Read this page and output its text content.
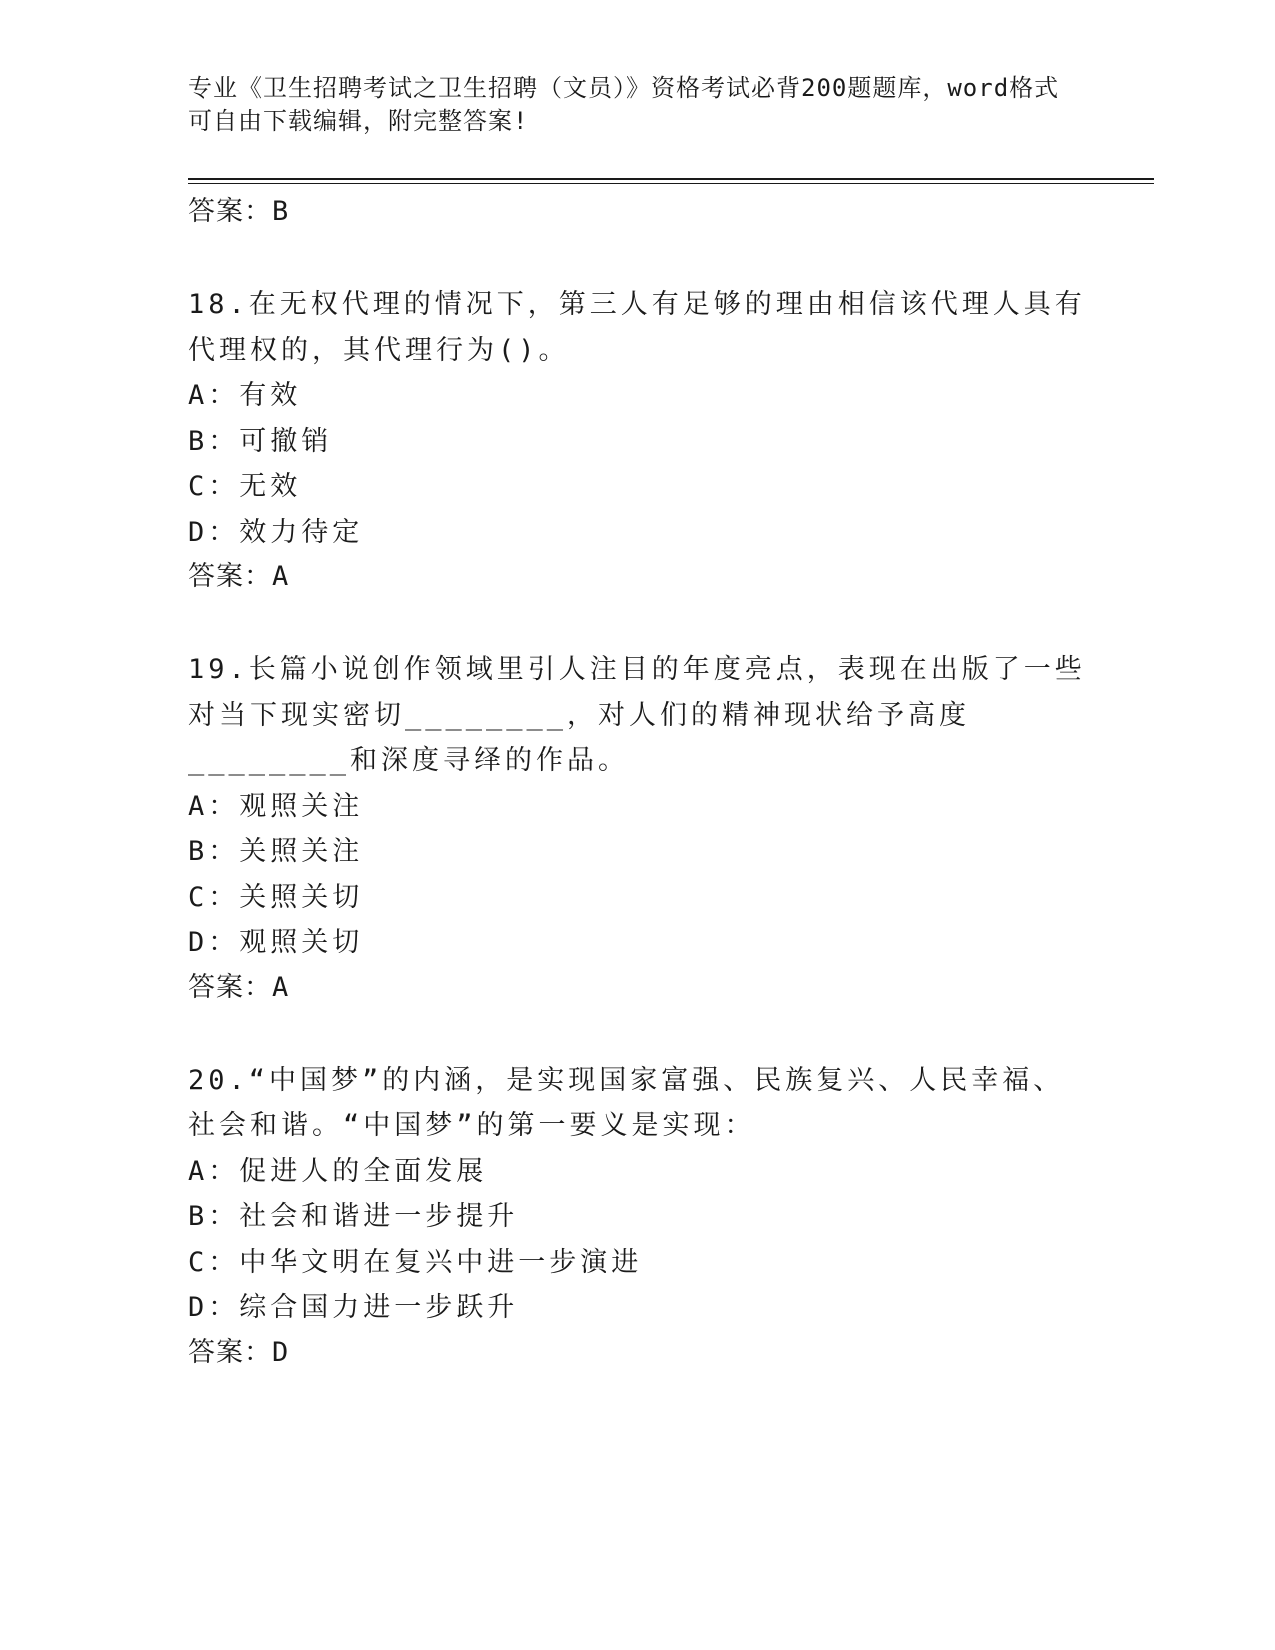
专业《卫生招聘考试之卫生招聘（文员）》资格考试必背200题题库，word格式可自由下载编辑，附完整答案!
答案：B
18.在无权代理的情况下，第三人有足够的理由相信该代理人具有代理权的，其代理行为()。
A：有效
B：可撤销
C：无效
D：效力待定
答案：A
19.长篇小说创作领域里引人注目的年度亮点，表现在出版了一些对当下现实密切________，对人们的精神现状给予高度________和深度寻绎的作品。
A：观照关注
B：关照关注
C：关照关切
D：观照关切
答案：A
20.“中国梦”的内涵，是实现国家富强、民族复兴、人民幸福、社会和谐。“中国梦”的第一要义是实现：
A：促进人的全面发展
B：社会和谐进一步提升
C：中华文明在复兴中进一步演进
D：综合国力进一步跃升
答案：D
